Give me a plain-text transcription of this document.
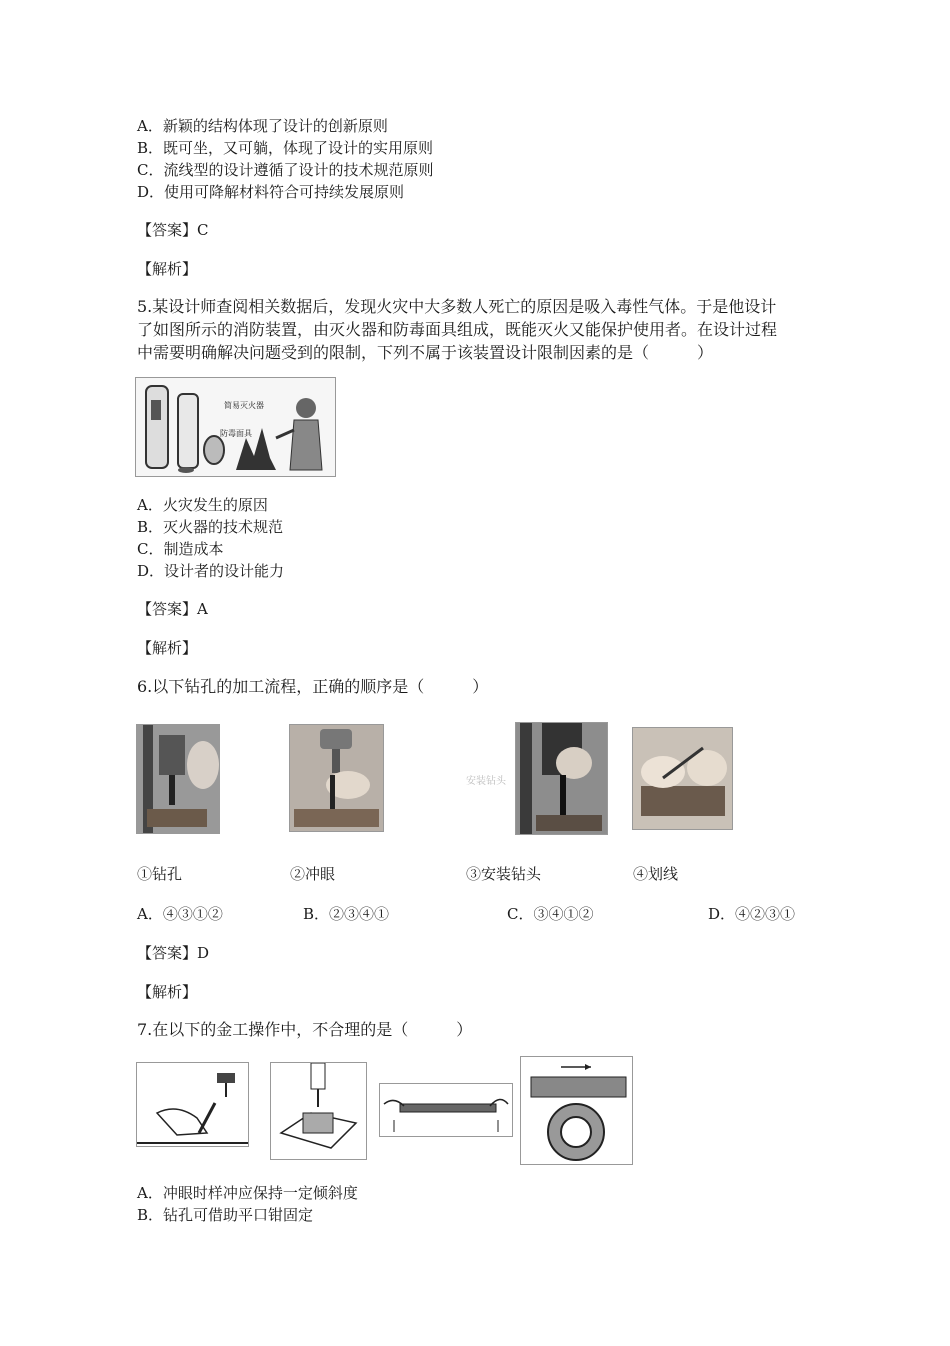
A．新颖的结构体现了设计的创新原则
B．既可坐，又可躺，体现了设计的实用原则
C．流线型的设计遵循了设计的技术规范原则
D．使用可降解材料符合可持续发展原则
【答案】C
【解析】
5.某设计师查阅相关数据后，发现火灾中大多数人死亡的原因是吸入毒性气体。于是他设计
了如图所示的消防装置，由灭火器和防毒面具组成，既能灭火又能保护使用者。在设计过程
中需要明确解决问题受到的限制，下列不属于该装置设计限制因素的是（　　　）
简易灭火器
防毒面具
A．火灾发生的原因
B．灭火器的技术规范
C．制造成本
D．设计者的设计能力
【答案】A
【解析】
6.以下钻孔的加工流程，正确的顺序是（　　　）
安装钻头
①钻孔	②冲眼	③安装钻头	④划线
A．④③①②	B．②③④①	C．③④①②	D．④②③①
【答案】D
【解析】
7.在以下的金工操作中，不合理的是（　　　）
A．冲眼时样冲应保持一定倾斜度
B．钻孔可借助平口钳固定
